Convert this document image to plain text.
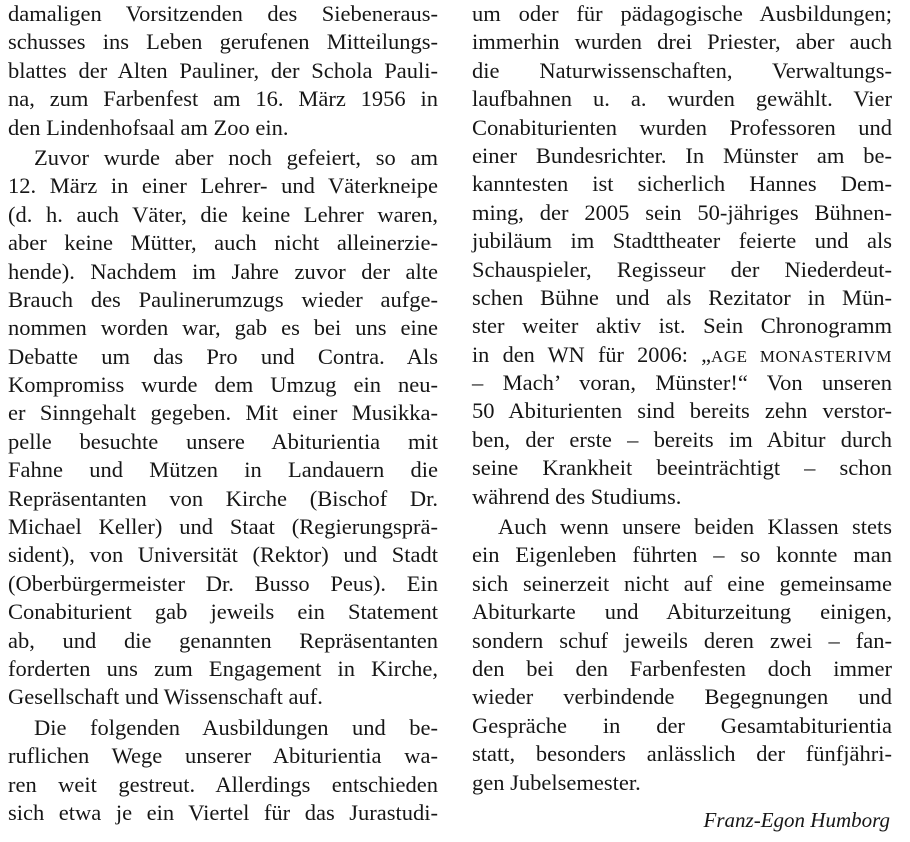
damaligen Vorsitzenden des Siebeneraus-
schusses ins Leben gerufenen Mitteilungs-
blattes der Alten Pauliner, der Schola Pauli-
na, zum Farbenfest am 16. März 1956 in
den Lindenhofsaal am Zoo ein.
Zuvor wurde aber noch gefeiert, so am
12. März in einer Lehrer- und Väterkneipe
(d. h. auch Väter, die keine Lehrer waren,
aber keine Mütter, auch nicht alleinerzie-
hende). Nachdem im Jahre zuvor der alte
Brauch des Paulinerumzugs wieder aufge-
nommen worden war, gab es bei uns eine
Debatte um das Pro und Contra. Als
Kompromiss wurde dem Umzug ein neu-
er Sinngehalt gegeben. Mit einer Musikka-
pelle besuchte unsere Abiturientia mit
Fahne und Mützen in Landauern die
Repräsentanten von Kirche (Bischof Dr.
Michael Keller) und Staat (Regierungsprä-
sident), von Universität (Rektor) und Stadt
(Oberbürgermeister Dr. Busso Peus). Ein
Conabiturient gab jeweils ein Statement
ab, und die genannten Repräsentanten
forderten uns zum Engagement in Kirche,
Gesellschaft und Wissenschaft auf.
Die folgenden Ausbildungen und be-
ruflichen Wege unserer Abiturientia wa-
ren weit gestreut. Allerdings entschieden
sich etwa je ein Viertel für das Jurastudi-
um oder für pädagogische Ausbildungen;
immerhin wurden drei Priester, aber auch
die Naturwissenschaften, Verwaltungs-
laufbahnen u. a. wurden gewählt. Vier
Conabiturienten wurden Professoren und
einer Bundesrichter. In Münster am be-
kanntesten ist sicherlich Hannes Dem-
ming, der 2005 sein 50-jähriges Bühnen-
jubiläum im Stadttheater feierte und als
Schauspieler, Regisseur der Niederdeut-
schen Bühne und als Rezitator in Mün-
ster weiter aktiv ist. Sein Chronogramm
in den WN für 2006: „AGE MONASTERIVM
– Mach’ voran, Münster!“ Von unseren
50 Abiturienten sind bereits zehn verstor-
ben, der erste – bereits im Abitur durch
seine Krankheit beeinträchtigt – schon
während des Studiums.
Auch wenn unsere beiden Klassen stets
ein Eigenleben führten – so konnte man
sich seinerzeit nicht auf eine gemeinsame
Abiturkarte und Abiturzeitung einigen,
sondern schuf jeweils deren zwei – fan-
den bei den Farbenfesten doch immer
wieder verbindende Begegnungen und
Gespräche in der Gesamtabiturientia
statt, besonders anlässlich der fünfjähri-
gen Jubelsemester.
Franz-Egon Humborg
